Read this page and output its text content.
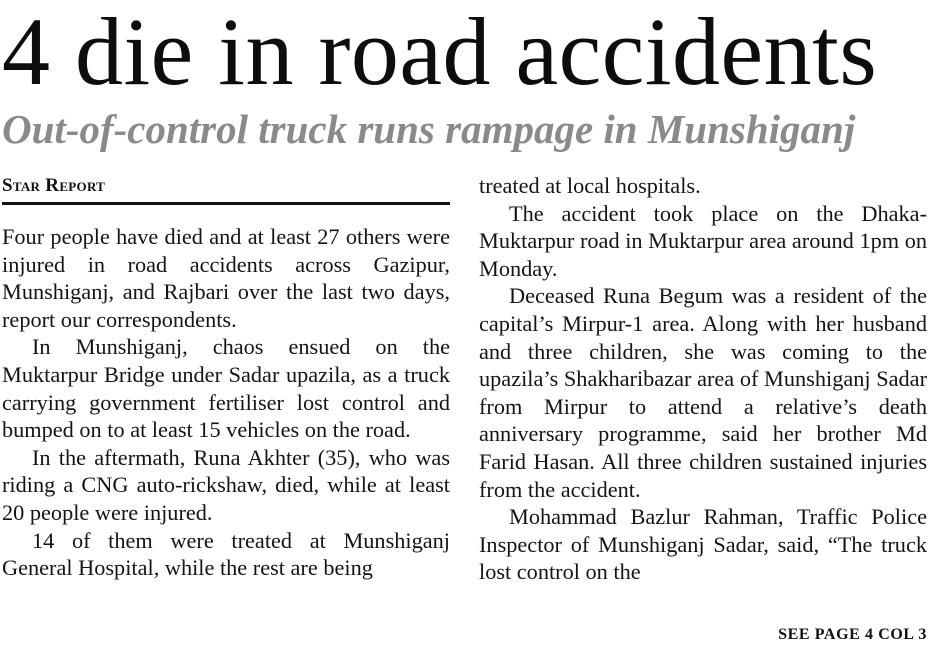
4 die in road accidents
Out-of-control truck runs rampage in Munshiganj
Star Report

Four people have died and at least 27 others were injured in road accidents across Gazipur, Munshiganj, and Rajbari over the last two days, report our correspondents.

In Munshiganj, chaos ensued on the Muktarpur Bridge under Sadar upazila, as a truck carrying government fertiliser lost control and bumped on to at least 15 vehicles on the road.

In the aftermath, Runa Akhter (35), who was riding a CNG auto-rickshaw, died, while at least 20 people were injured.

14 of them were treated at Munshiganj General Hospital, while the rest are being

treated at local hospitals.

The accident took place on the Dhaka-Muktarpur road in Muktarpur area around 1pm on Monday.

Deceased Runa Begum was a resident of the capital’s Mirpur-1 area. Along with her husband and three children, she was coming to the upazila’s Shakharibazar area of Munshiganj Sadar from Mirpur to attend a relative’s death anniversary programme, said her brother Md Farid Hasan. All three children sustained injuries from the accident.

Mohammad Bazlur Rahman, Traffic Police Inspector of Munshiganj Sadar, said, “The truck lost control on the

SEE PAGE 4 COL 3
